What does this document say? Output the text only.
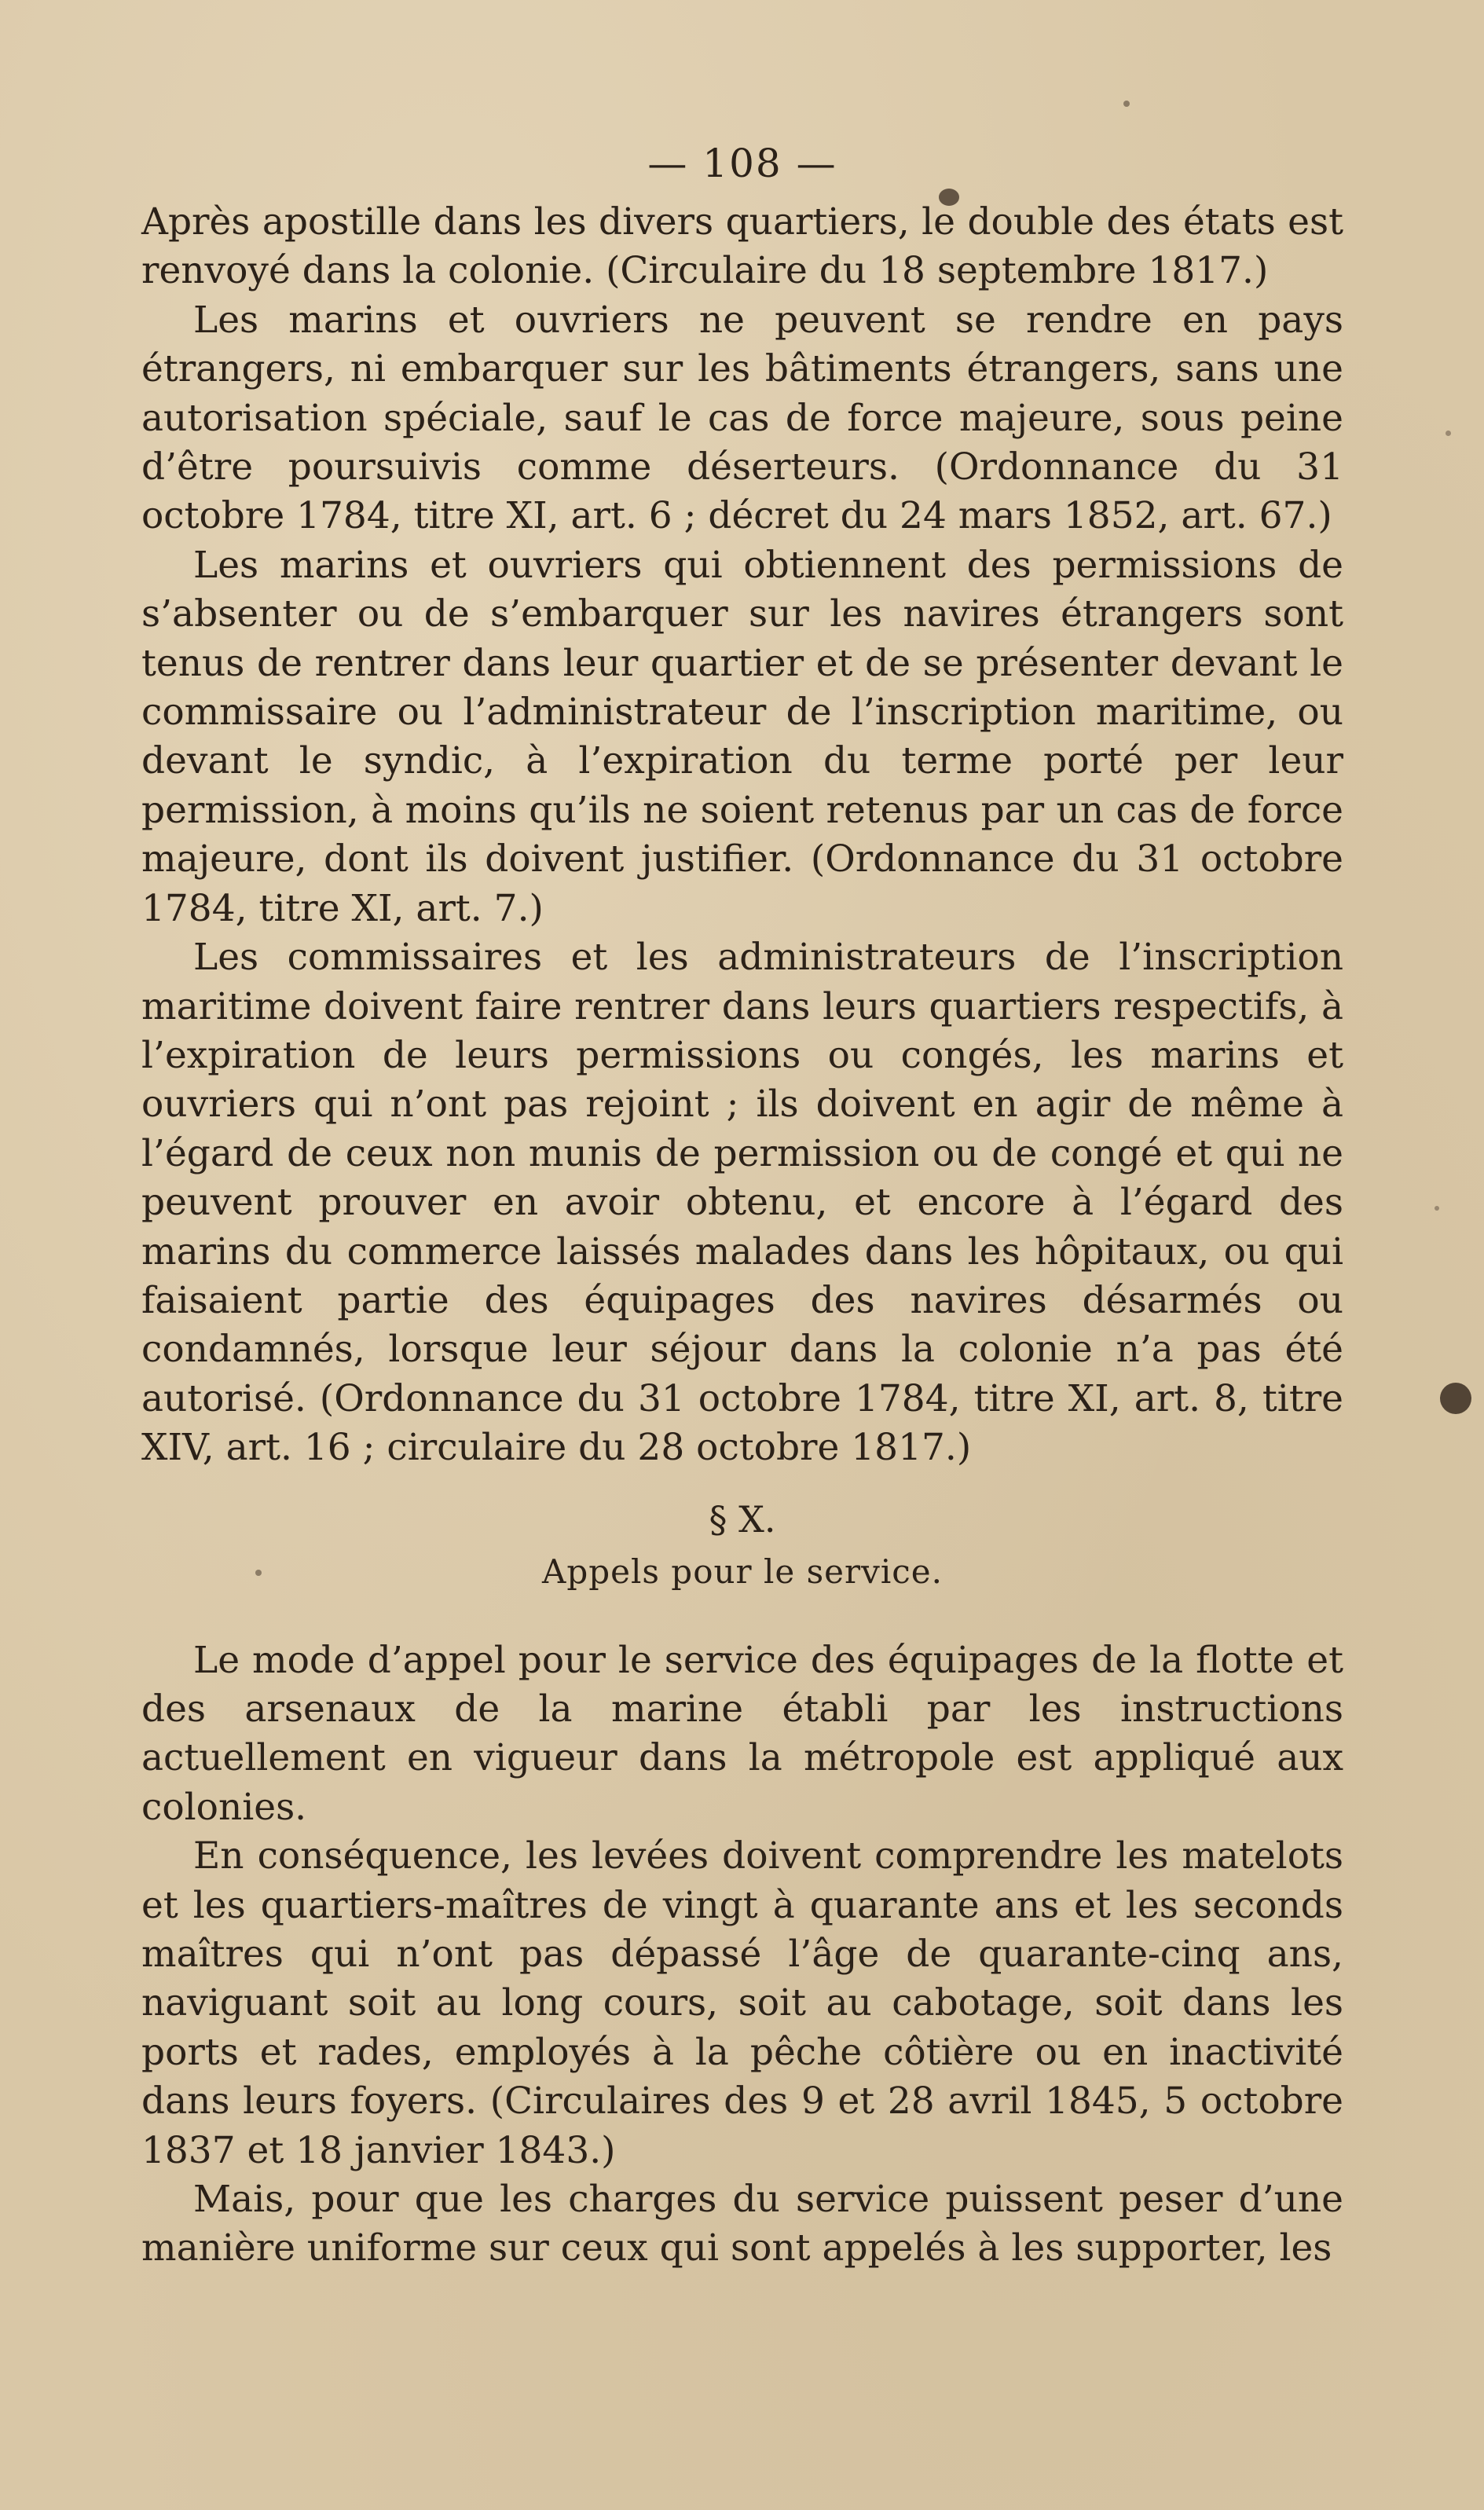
— 108 —

Après apostille dans les divers quartiers, le double des états est renvoyé dans la colonie. (Circulaire du 18 septembre 1817.)

Les marins et ouvriers ne peuvent se rendre en pays étrangers, ni embarquer sur les bâtiments étrangers, sans une autorisation spéciale, sauf le cas de force majeure, sous peine d’être poursuivis comme déserteurs. (Ordonnance du 31 octobre 1784, titre XI, art. 6 ; décret du 24 mars 1852, art. 67.)

Les marins et ouvriers qui obtiennent des permissions de s’absenter ou de s’embarquer sur les navires étrangers sont tenus de rentrer dans leur quartier et de se présenter devant le commissaire ou l’administrateur de l’inscription maritime, ou devant le syndic, à l’expiration du terme porté per leur permission, à moins qu’ils ne soient retenus par un cas de force majeure, dont ils doivent justifier. (Ordonnance du 31 octobre 1784, titre XI, art. 7.)

Les commissaires et les administrateurs de l’inscription maritime doivent faire rentrer dans leurs quartiers respectifs, à l’expiration de leurs permissions ou congés, les marins et ouvriers qui n’ont pas rejoint ; ils doivent en agir de même à l’égard de ceux non munis de permission ou de congé et qui ne peuvent prouver en avoir obtenu, et encore à l’égard des marins du commerce laissés malades dans les hôpitaux, ou qui faisaient partie des équipages des navires désarmés ou condamnés, lorsque leur séjour dans la colonie n’a pas été autorisé. (Ordonnance du 31 octobre 1784, titre XI, art. 8, titre XIV, art. 16 ; circulaire du 28 octobre 1817.)

§ X.
Appels pour le service.

Le mode d’appel pour le service des équipages de la flotte et des arsenaux de la marine établi par les instructions actuellement en vigueur dans la métropole est appliqué aux colonies.

En conséquence, les levées doivent comprendre les matelots et les quartiers-maîtres de vingt à quarante ans et les seconds maîtres qui n’ont pas dépassé l’âge de quarante-cinq ans, naviguant soit au long cours, soit au cabotage, soit dans les ports et rades, employés à la pêche côtière ou en inactivité dans leurs foyers. (Circulaires des 9 et 28 avril 1845, 5 octobre 1837 et 18 janvier 1843.)

Mais, pour que les charges du service puissent peser d’une manière uniforme sur ceux qui sont appelés à les supporter, les
